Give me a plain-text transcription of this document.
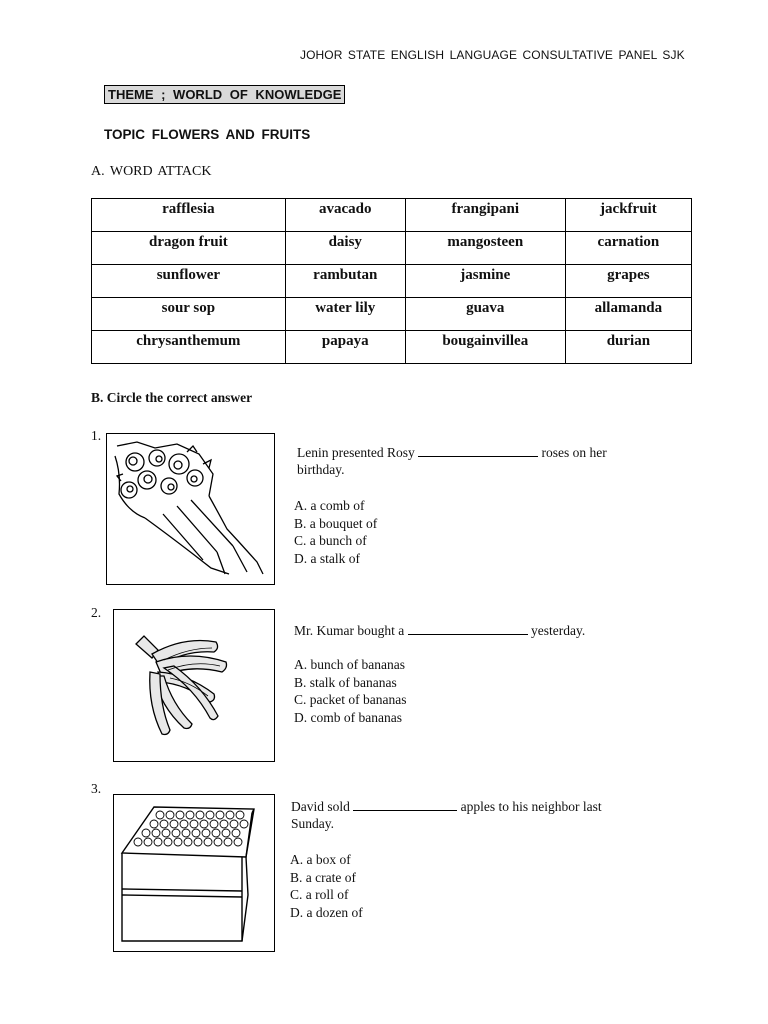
JOHOR STATE ENGLISH LANGUAGE CONSULTATIVE PANEL SJK
THEME ; WORLD OF KNOWLEDGE
TOPIC FLOWERS AND FRUITS
A. WORD ATTACK
rafflesia	avacado	frangipani	jackfruit
dragon fruit	daisy	mangosteen	carnation
sunflower	rambutan	jasmine	grapes
sour sop	water lily	guava	allamanda
chrysanthemum	papaya	bougainvillea	durian
B. Circle the correct answer
1.
Lenin presented Rosy	roses on her
birthday.
A. a comb of
B. a bouquet of
C. a bunch of
D. a stalk of
2.
Mr. Kumar bought a	yesterday.
A. bunch of bananas
B. stalk of bananas
C. packet of bananas
D. comb of bananas
3.
David sold	apples to his neighbor last
Sunday.
A. a box of
B. a crate of
C. a roll of
D. a dozen of
